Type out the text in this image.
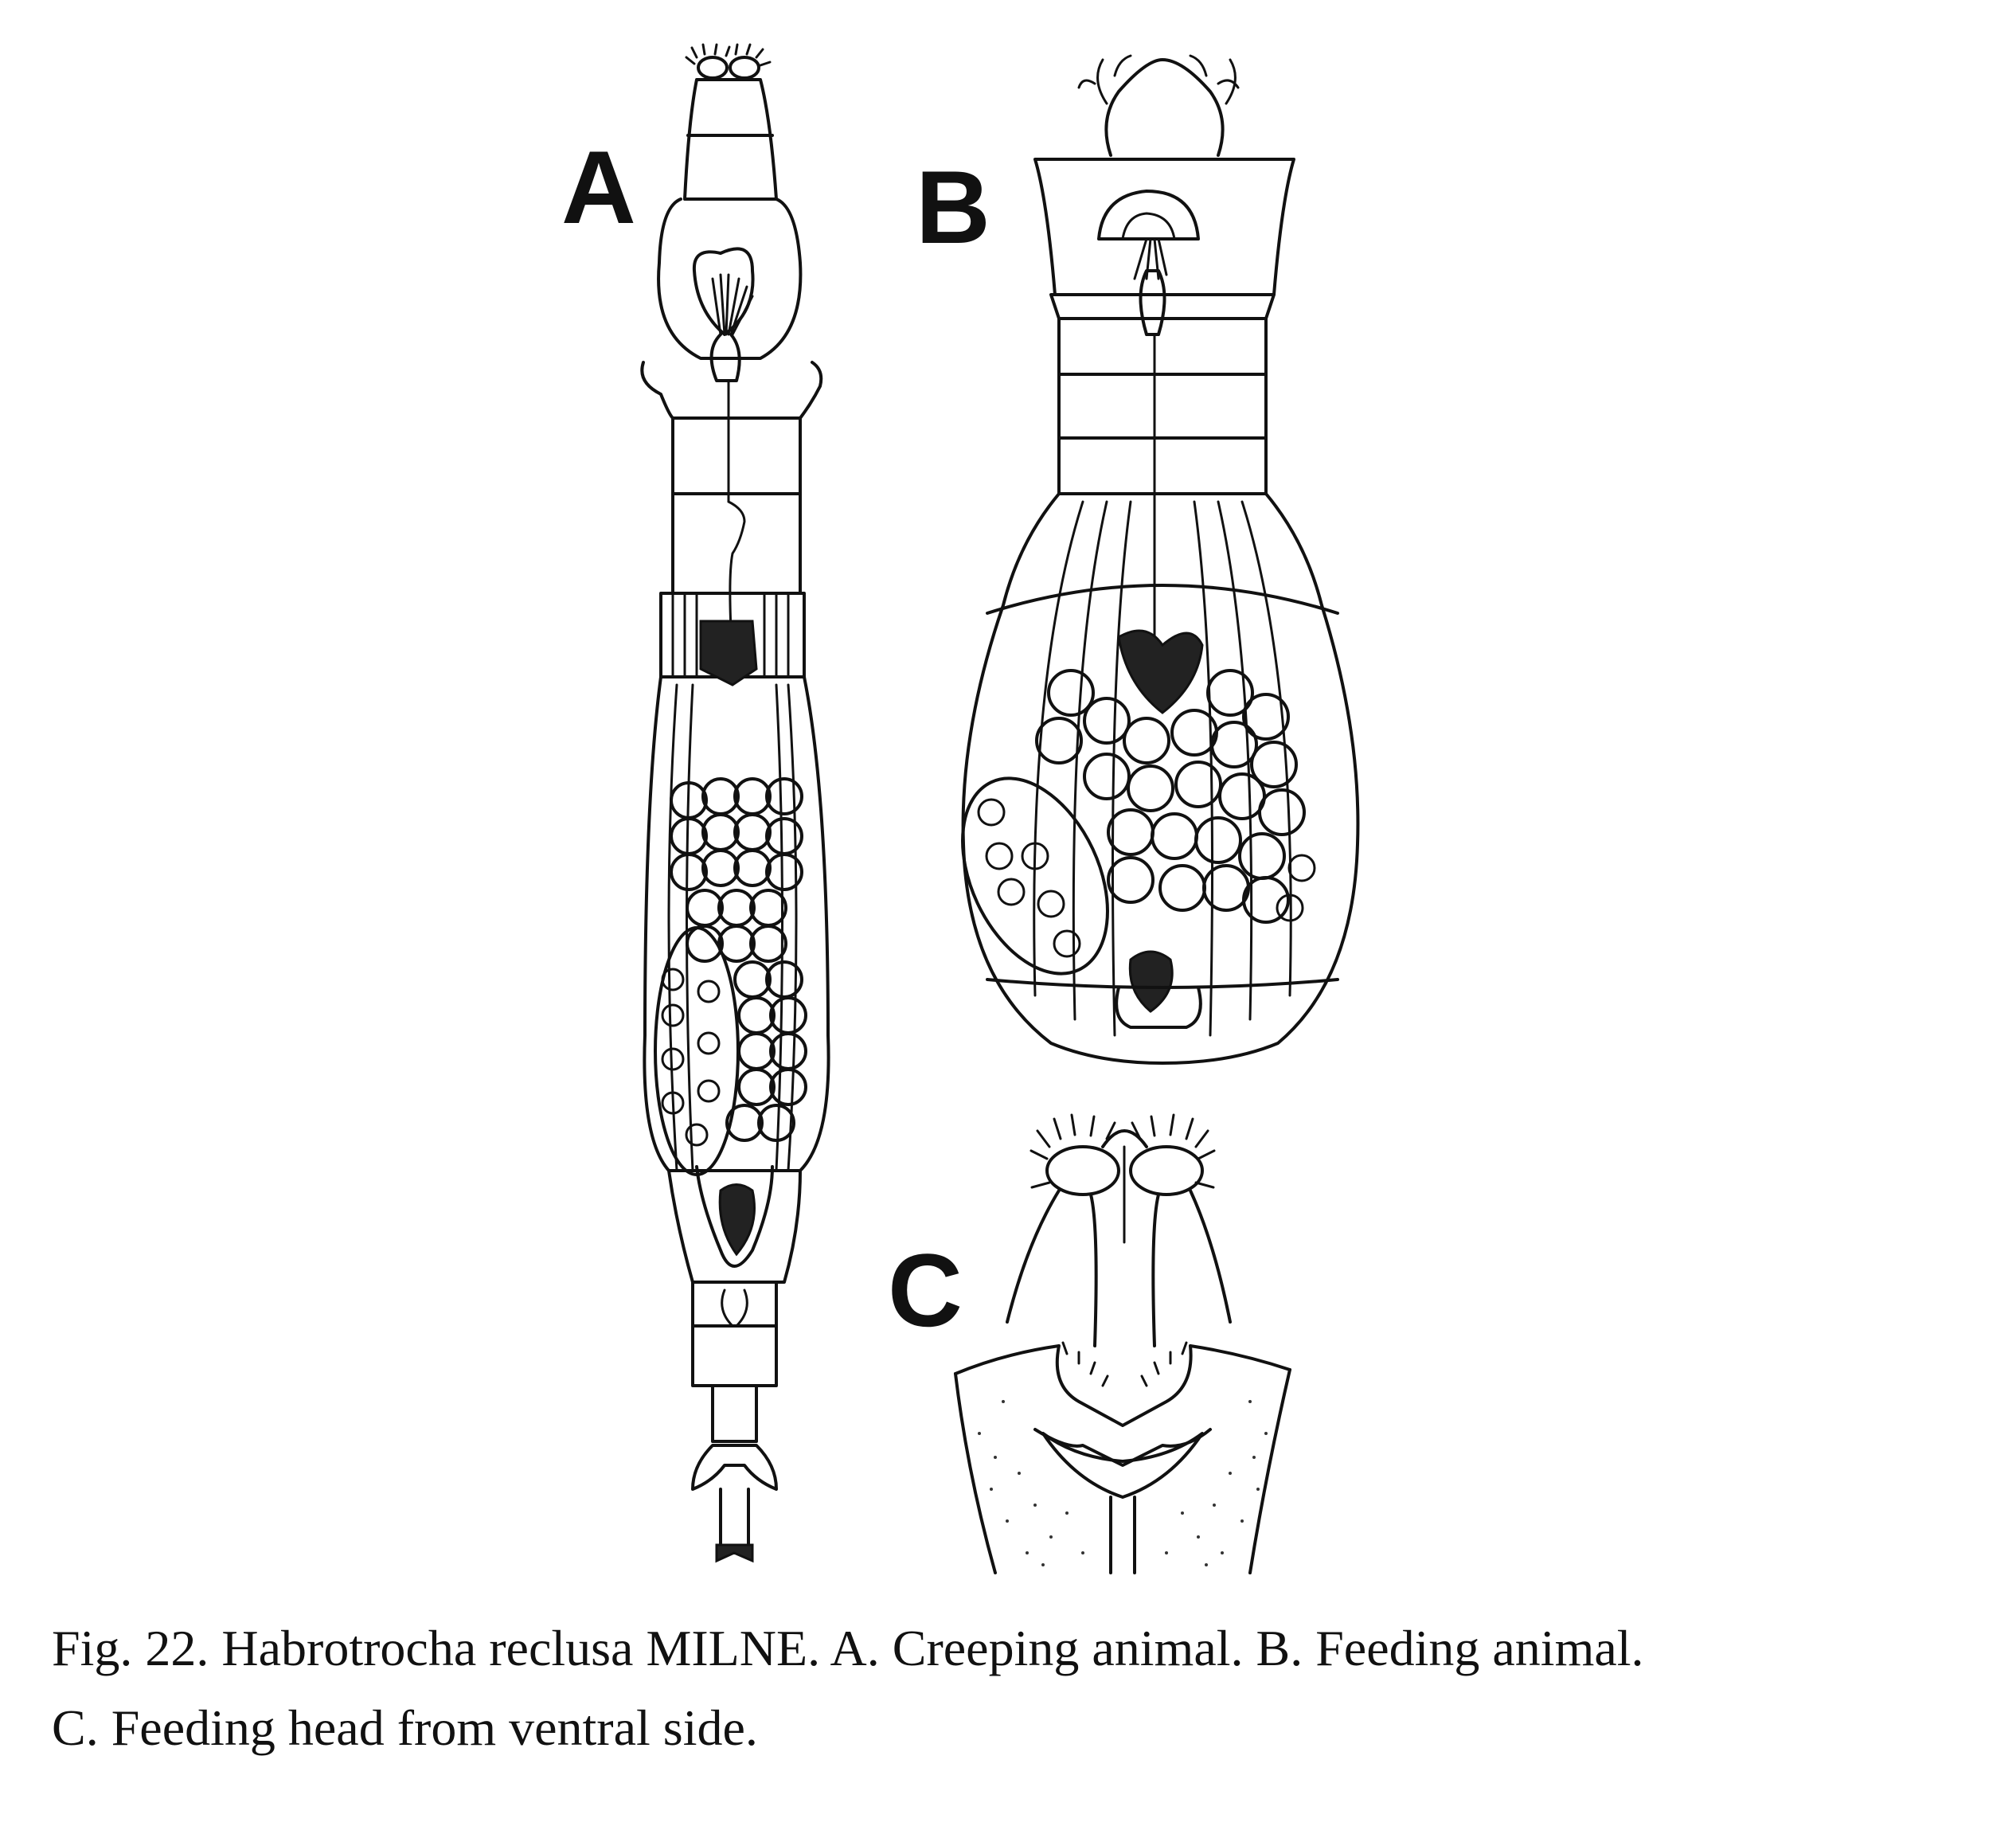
A	B
C
Fig. 22. Habrotrocha reclusa MILNE. A. Creeping animal. B. Feeding animal.
C. Feeding head from ventral side.
